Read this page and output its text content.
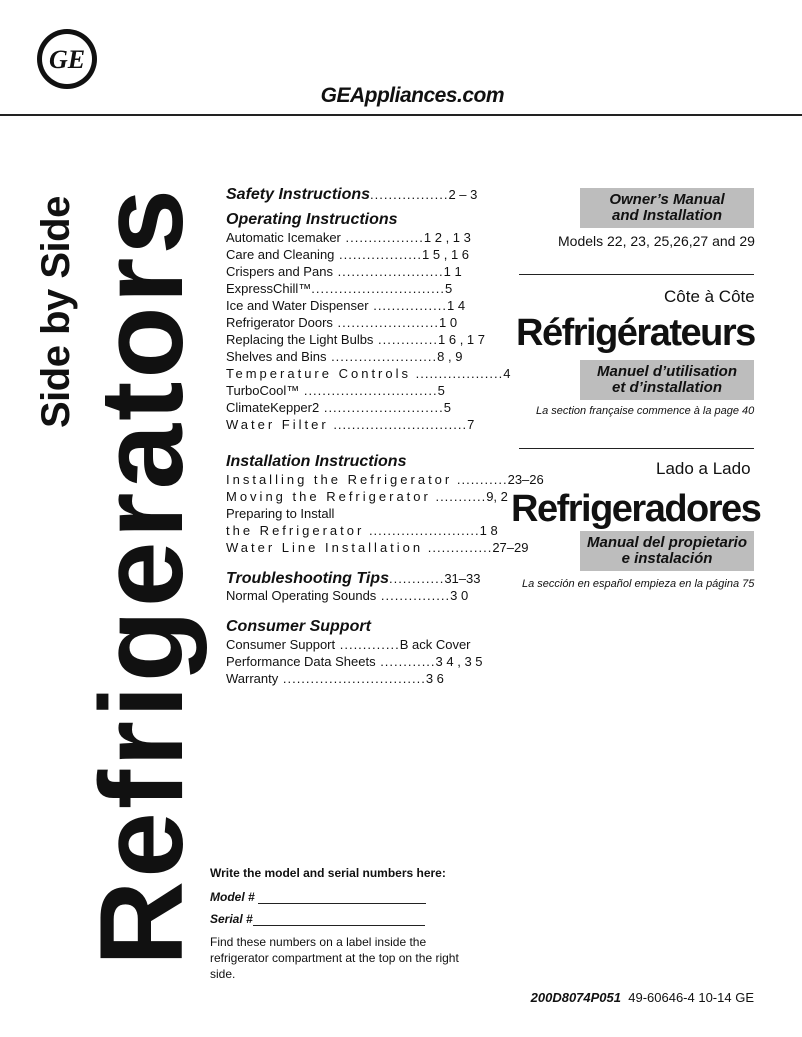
GE
GEAppliances.com
Side by Side
Refrigerators Safety Instructions.................2 – 3
Operating Instructions
Automatic Icemaker .................1 2 , 1 3
Care and Cleaning ..................1 5 , 1 6
Crispers and Pans .......................1 1
ExpressChill™.............................5
Ice and Water Dispenser ................1 4
Refrigerator Doors ......................1 0
Replacing the Light Bulbs .............1 6 , 1 7
Shelves and Bins .......................8 , 9
Temperature Controls ...................4
TurboCool™ .............................5
ClimateKepper2 ..........................5
Water Filter .............................7
Installation Instructions
Installing the Refrigerator ...........23–26
Moving the Refrigerator ...........9, 2
Preparing to Install
the Refrigerator ........................1 8
Water Line Installation ..............27–29
Troubleshooting Tips............31–33
Normal Operating Sounds ...............3 0
Consumer Support
Consumer Support .............B ack Cover
Performance Data Sheets ............3 4 , 3 5
Warranty ...............................3 6
Owner’s Manual
and Installation
Models 22, 23, 25,26,27 and 29
Côte à Côte
Réfrigérateurs
Manuel d’utilisation
et d’installation
La section française commence à la page 40
Lado a Lado
Refrigeradores
Manual del propietario
e instalación
La sección en español empieza en la página 75
Write the model and serial numbers here:
Model #
Serial #
Find these numbers on a label inside the refrigerator compartment at the top on the right side.
200D8074P051 49-60646-4 10-14 GE
